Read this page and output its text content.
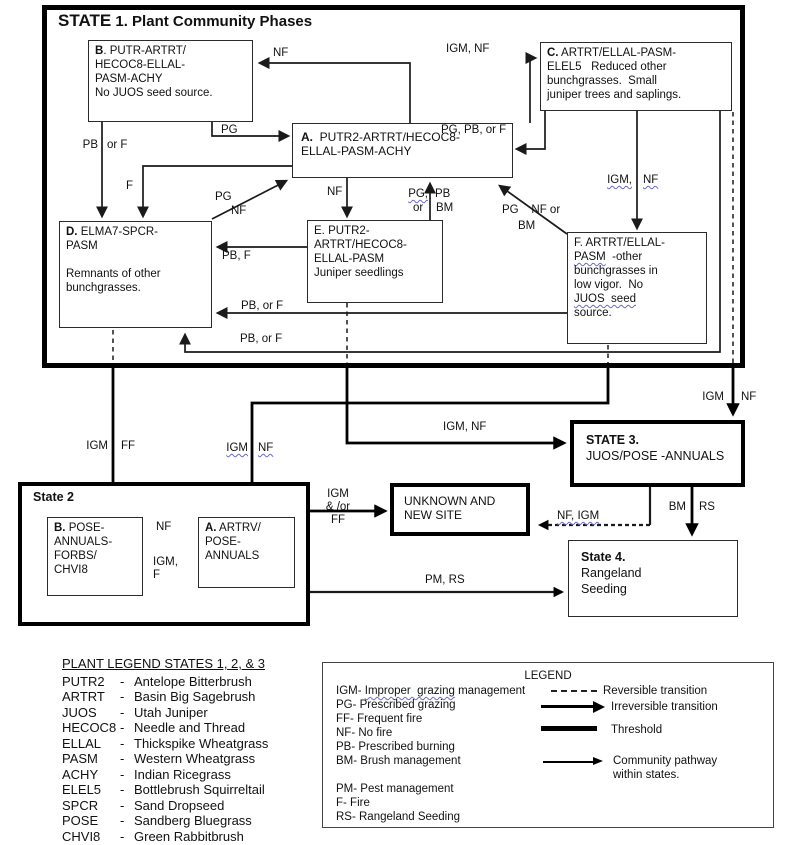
STATE 1. Plant Community Phases
B. PUTR-ARTRT/
HECOC8-ELLAL-
PASM-ACHY
No JUOS seed source.
A.  PUTR2-ARTRT/HECOC8-
ELLAL-PASM-ACHY
C. ARTRT/ELLAL-PASM-
ELEL5   Reduced other
bunchgrasses.  Small
juniper trees and saplings.
D. ELMA7-SPCR-
PASM

Remnants of other
bunchgrasses.
E. PUTR2-
ARTRT/HECOC8-
ELLAL-PASM
Juniper seedlings
F. ARTRT/ELLAL-
PASM  -other
bunchgrasses in
low vigor.  No
JUOS  seed
source.
State 2
B. POSE-
ANNUALS-
FORBS/
CHVI8
A. ARTRV/
POSE-
ANNUALS
STATE 3.
JUOS/POSE -ANNUALS
UNKNOWN AND
NEW SITE
State 4.
Rangeland
Seeding
PG
NF	IGM, NF
PG, PB, or F
NF	PG, PB
or BM
IGM, NF
PB or F
F
PG
NF	PG    NF or
BM
PB, F
PB, or F
PB, or F
IGM FF	IGM NF
IGM, NF
IGM NF
IGM
& /or
FF	NF, IGM
BM RS
PM, RS
NF
IGM,
F
PLANT LEGEND STATES 1, 2, & 3
PUTR2	- Antelope Bitterbrush
ARTRT	- Basin Big Sagebrush
JUOS	- Utah Juniper
HECOC8 - Needle and Thread
ELLAL	- Thickspike Wheatgrass
PASM	- Western Wheatgrass
ACHY	- Indian Ricegrass
ELEL5	- Bottlebrush Squirreltail
SPCR	- Sand Dropseed
POSE	- Sandberg Bluegrass
CHVI8	- Green Rabbitbrush
LEGEND
IGM- Improper  grazing management
PG- Prescribed grazing
FF- Frequent fire
NF- No fire
PB- Prescribed burning
BM- Brush management
PM- Pest management
F- Fire
RS- Rangeland Seeding
Reversible transition
Irreversible transition
Threshold
Community pathway
within states.
